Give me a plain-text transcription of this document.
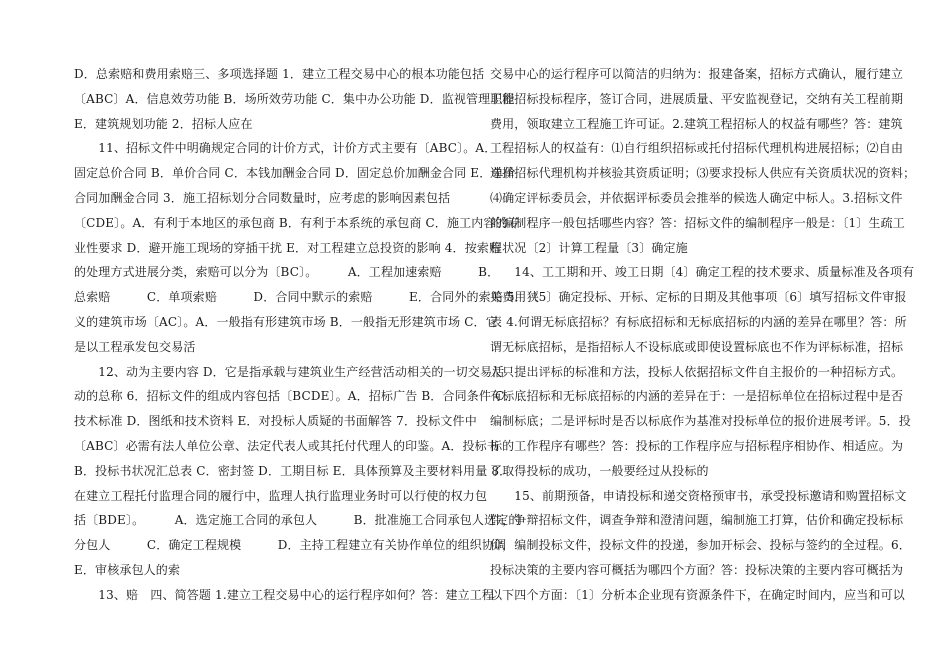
D．总索赔和费用索赔三、多项选择题 1．建立工程交易中心的根本功能包括
〔ABC〕A．信息效劳功能 B．场所效劳功能 C．集中办公功能 D．监视管理职能
E．建筑规划功能 2．招标人应在
　　11、招标文件中明确规定合同的计价方式，计价方式主要有〔ABC〕。A．
固定总价合同 B．单价合同 C．本钱加酬金合同 D．固定总价加酬金合同 E．单价
合同加酬金合同 3．施工招标划分合同数量时，应考虑的影响因素包括
〔CDE〕。A．有利于本地区的承包商 B．有利于本系统的承包商 C．施工内容的专
业性要求 D．避开施工现场的穿插干扰 E．对工程建立总投资的影响 4．按索赔
的处理方式进展分类，索赔可以分为〔BC〕。　　　A．工程加速索赔　　　B．
总索赔　　　C．单项索赔　　　D．合同中默示的索赔　　　E．合同外的索赔 5．狭
义的建筑市场〔AC〕。A．一般指有形建筑市场 B．一般指无形建筑市场 C．它
是以工程承发包交易活
　　12、动为主要内容 D．它是指承载与建筑业生产经营活动相关的一切交易活
动的总称 6．招标文件的组成内容包括〔BCDE〕。A．招标广告 B．合同条件 C．
技术标准 D．图纸和技术资料 E．对投标人质疑的书面解答 7．投标文件中
〔ABC〕必需有法人单位公章、法定代表人或其托付代理人的印鉴。A．投标书
B．投标书状况汇总表 C．密封签 D．工期目标 E．具体预算及主要材料用量 8．
在建立工程托付监理合同的履行中，监理人执行监理业务时可以行使的权力包
括〔BDE〕。　　　A．选定施工合同的承包人　　　B．批准施工合同承包人选定的
分包人　　　C．确定工程规模　　　D．主持工程建立有关协作单位的组织协调
E．审核承包人的索
　　13、赔　四、简答题 1.建立工程交易中心的运行程序如何？答：建立工程
交易中心的运行程序可以简洁的归纳为：报建备案，招标方式确认，履行建立
工程招标投标程序，签订合同，进展质量、平安监视登记，交纳有关工程前期
费用，领取建立工程施工许可证。2.建筑工程招标人的权益有哪些？答：建筑
工程招标人的权益有：⑴自行组织招标或托付招标代理机构进展招标；⑵自由
选择招标代理机构并核验其资质证明；⑶要求投标人供应有关资质状况的资料；
⑷确定评标委员会，并依据评标委员会推举的候选人确定中标人。3.招标文件
的编制程序一般包括哪些内容？答：招标文件的编制程序一般是：〔1〕生疏工
程状况〔2〕计算工程量〔3〕确定施
　　14、工工期和开、竣工日期〔4〕确定工程的技术要求、质量标准及各项有
关费用〔5〕确定投标、开标、定标的日期及其他事项〔6〕填写招标文件审报
表 4.何谓无标底招标？有标底招标和无标底招标的内涵的差异在哪里？答：所
谓无标底招标，是指招标人不设标底或即使设置标底也不作为评标标准，招标
人只提出评标的标准和方法，投标人依据招标文件自主报价的一种招标方式。
有标底招标和无标底招标的内涵的差异在于：一是招标单位在招标过程中是否
编制标底；二是评标时是否以标底作为基准对投标单位的报价进展考评。5．投
标的工作程序有哪些？答：投标的工作程序应与招标程序相协作、相适应。为
了取得投标的成功，一般要经过从投标的
　　15、前期预备，申请投标和递交资格预审书，承受投标邀请和购置招标文
件，争辩招标文件，调查争辩和澄清问题，编制施工打算，估价和确定投标标
价，编制投标文件，投标文件的投递，参加开标会、投标与签约的全过程。6．
投标决策的主要内容可概括为哪四个方面？答：投标决策的主要内容可概括为
以下四个方面：〔1〕分析本企业现有资源条件下，在确定时间内，应当和可以
